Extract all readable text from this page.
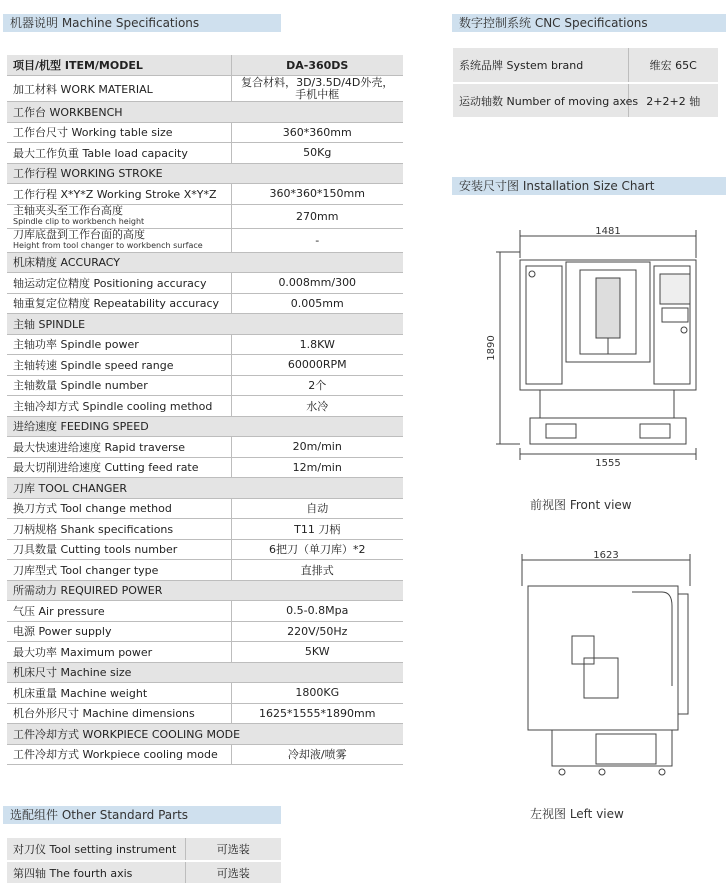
机器说明 Machine Specifications
项目/机型 ITEM/MODEL	DA-360DS
加工材料 WORK MATERIAL	复合材料，3D/3.5D/4D外壳，手机中框
工作台 WORKBENCH	
工作台尺寸 Working table size	360*360mm
最大工作负重 Table load capacity	50Kg
工作行程 WORKING STROKE	
工作行程 X*Y*Z Working Stroke X*Y*Z	360*360*150mm

主轴夹头至工作台高度
Spindle clip to workbench height	270mm

刀库底盘到工作台面的高度
Height from tool changer to workbench surface	-
机床精度 ACCURACY	
轴运动定位精度 Positioning accuracy	0.008mm/300
轴重复定位精度 Repeatability accuracy	0.005mm
主轴 SPINDLE	
主轴功率 Spindle power	1.8KW
主轴转速 Spindle speed range	60000RPM
主轴数量 Spindle number	2个
主轴冷却方式 Spindle cooling method	水冷
进给速度 FEEDING SPEED	
最大快速进给速度 Rapid traverse	20m/min
最大切削进给速度 Cutting feed rate	12m/min
刀库 TOOL CHANGER	
换刀方式 Tool change method	自动
刀柄规格 Shank specifications	T11 刀柄
刀具数量 Cutting tools number	6把刀（单刀库）*2
刀库型式 Tool changer type	直排式
所需动力 REQUIRED POWER	
气压 Air pressure	0.5-0.8Mpa
电源 Power supply	220V/50Hz
最大功率 Maximum power	5KW
机床尺寸 Machine size	
机床重量 Machine weight	1800KG
机台外形尺寸 Machine dimensions	1625*1555*1890mm
工件冷却方式 WORKPIECE COOLING MODE	
工件冷却方式 Workpiece cooling mode	冷却液/喷雾
数字控制系统 CNC Specifications
系统品牌 System brand	维宏 65C
运动轴数 Number of moving axes	2+2+2 轴
安装尺寸图 Installation Size Chart
1481
1890
1555
前视图 Front view
1623
左视图 Left view
选配组件 Other Standard Parts
对刀仪 Tool setting instrument	可选装
第四轴 The fourth axis	可选装
